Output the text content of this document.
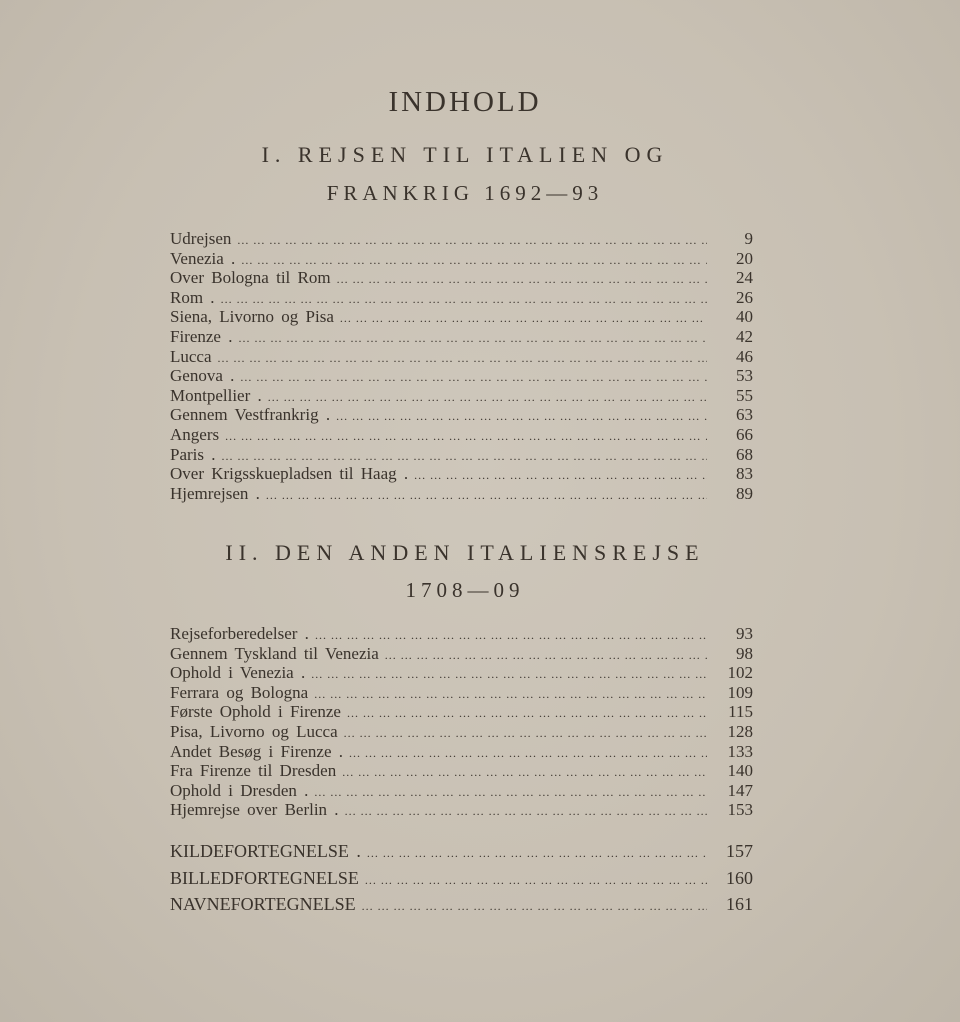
INDHOLD
I. REJSEN TIL ITALIEN OG
FRANKRIG 1692—93
Udrejsen ... .	9
Venezia . ... .	20
Over Bologna til Rom ... .	24
Rom . ... .	26
Siena, Livorno og Pisa ... .	40
Firenze . ... .	42
Lucca ... .	46
Genova . ... .	53
Montpellier . ... .	55
Gennem Vestfrankrig . ... .	63
Angers ... .	66
Paris . ... .	68
Over Krigsskuepladsen til Haag . ... .	83
Hjemrejsen . ... .	89
II. DEN ANDEN ITALIENSREJSE
1708—09
Rejseforberedelser . ... .	93
Gennem Tyskland til Venezia ... .	98
Ophold i Venezia . ... .	102
Ferrara og Bologna ... .	109
Første Ophold i Firenze ... .	115
Pisa, Livorno og Lucca ... .	128
Andet Besøg i Firenze . ... .	133
Fra Firenze til Dresden ... .	140
Ophold i Dresden . ... .	147
Hjemrejse over Berlin . ... .	153
KILDEFORTEGNELSE . ... .	157
BILLEDFORTEGNELSE ... .	160
NAVNEFORTEGNELSE ... .	161
